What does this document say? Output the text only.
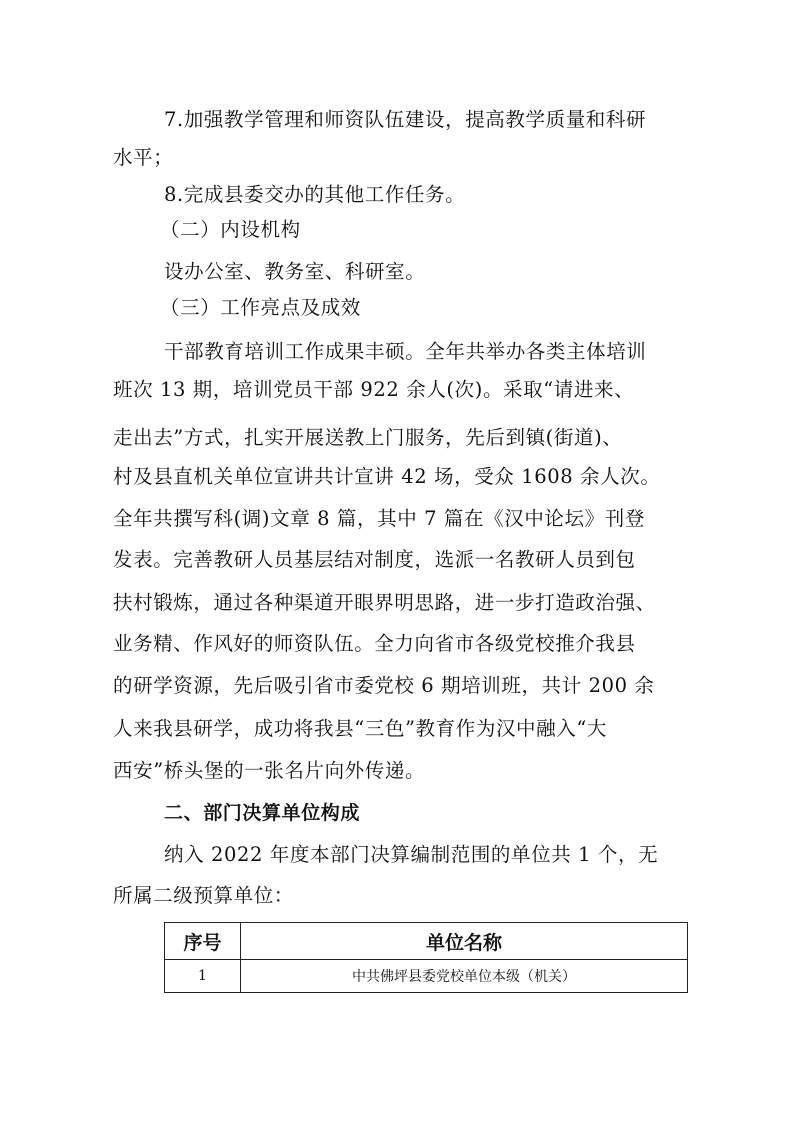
7.加强教学管理和师资队伍建设，提高教学质量和科研
水平；
8.完成县委交办的其他工作任务。
（二）内设机构
设办公室、教务室、科研室。
（三）工作亮点及成效
干部教育培训工作成果丰硕。全年共举办各类主体培训
班次 13 期，培训党员干部 922 余人(次)。采取“请进来、
走出去”方式，扎实开展送教上门服务，先后到镇(街道)、
村及县直机关单位宣讲共计宣讲 42 场，受众 1608 余人次。
全年共撰写科(调)文章 8 篇，其中 7 篇在《汉中论坛》刊登
发表。完善教研人员基层结对制度，选派一名教研人员到包
扶村锻炼，通过各种渠道开眼界明思路，进一步打造政治强、
业务精、作风好的师资队伍。全力向省市各级党校推介我县
的研学资源，先后吸引省市委党校 6 期培训班，共计 200 余
人来我县研学，成功将我县“三色”教育作为汉中融入“大
西安”桥头堡的一张名片向外传递。
二、部门决算单位构成
纳入 2022 年度本部门决算编制范围的单位共 1 个，无
所属二级预算单位：
序号	单位名称
1	中共佛坪县委党校单位本级（机关）
